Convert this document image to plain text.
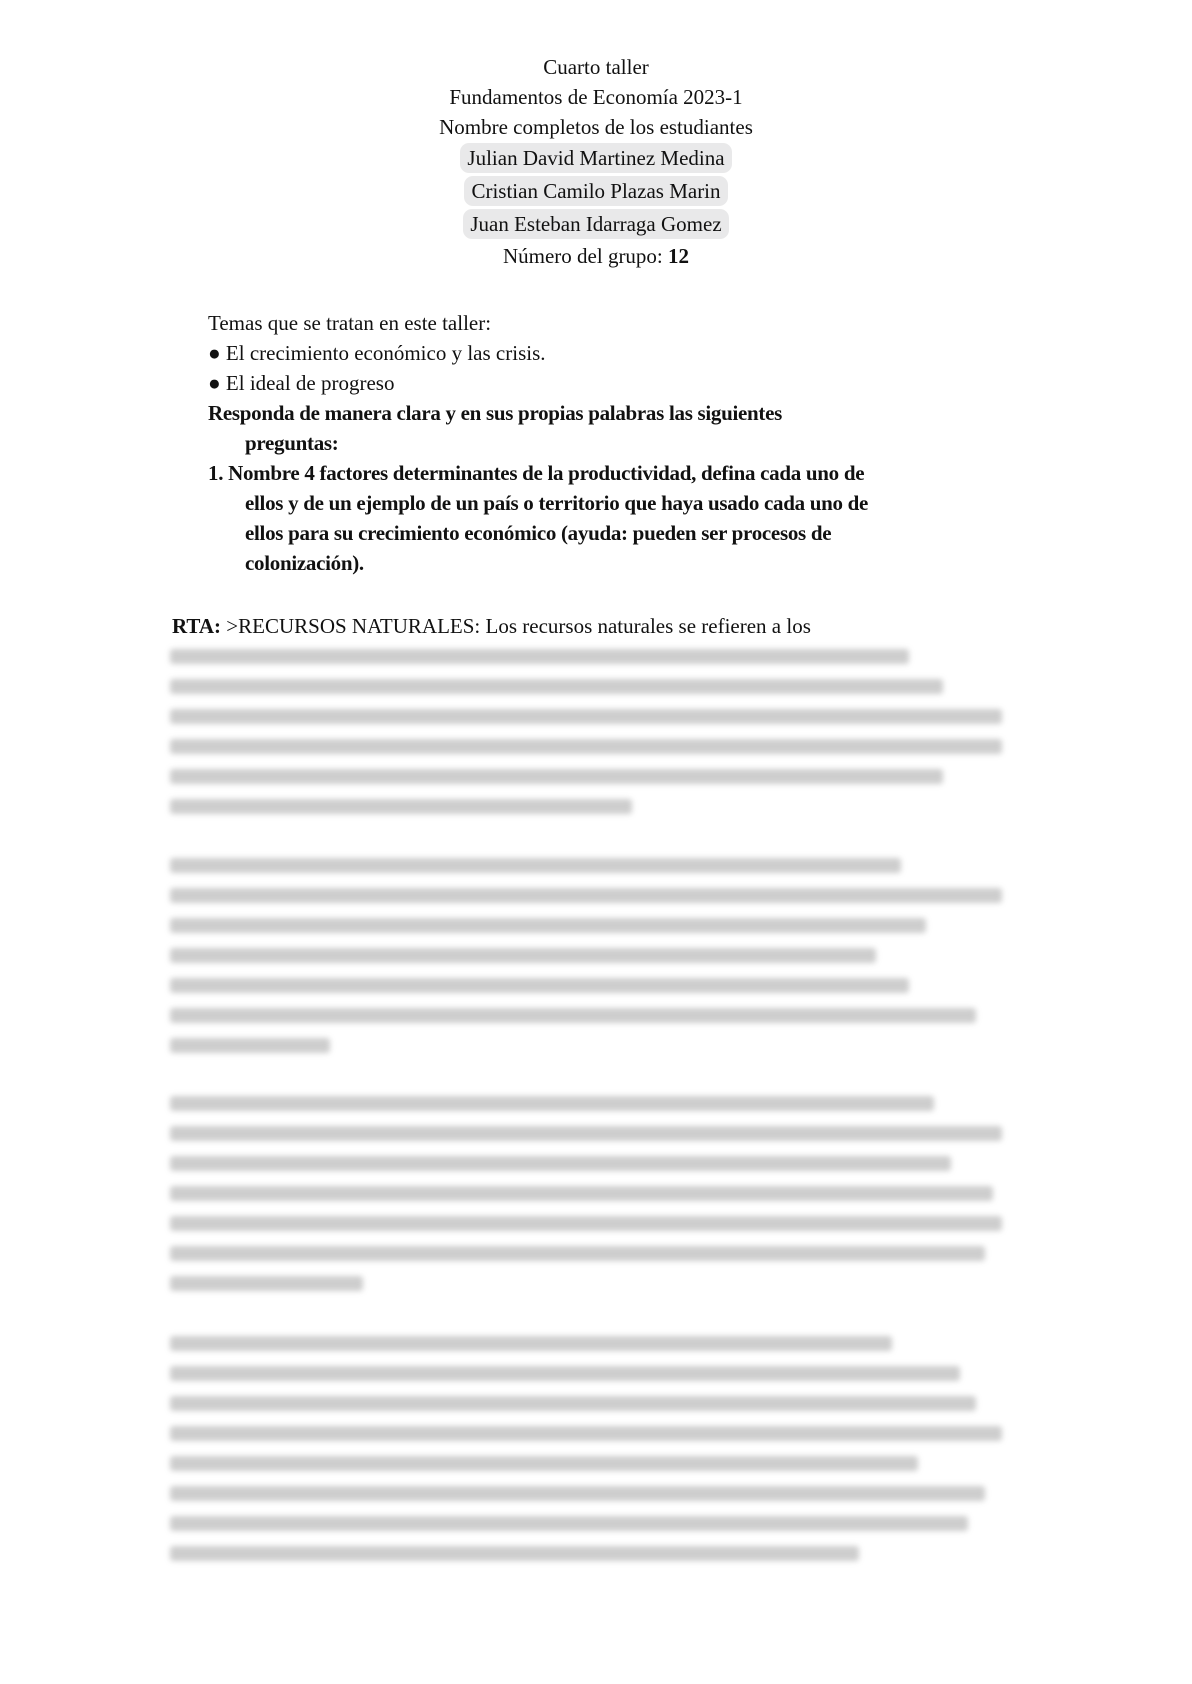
Cuarto taller
Fundamentos de Economía 2023-1
Nombre completos de los estudiantes
Julian David Martinez Medina
Cristian Camilo Plazas Marin
Juan Esteban Idarraga Gomez
Número del grupo: 12
Temas que se tratan en este taller:
● El crecimiento económico y las crisis.
● El ideal de progreso
Responda de manera clara y en sus propias palabras las siguientes
preguntas:
1. Nombre 4 factores determinantes de la productividad, defina cada uno de
ellos y de un ejemplo de un país o territorio que haya usado cada uno de
ellos para su crecimiento económico (ayuda: pueden ser procesos de
colonización).
RTA: >RECURSOS NATURALES: Los recursos naturales se refieren a los
